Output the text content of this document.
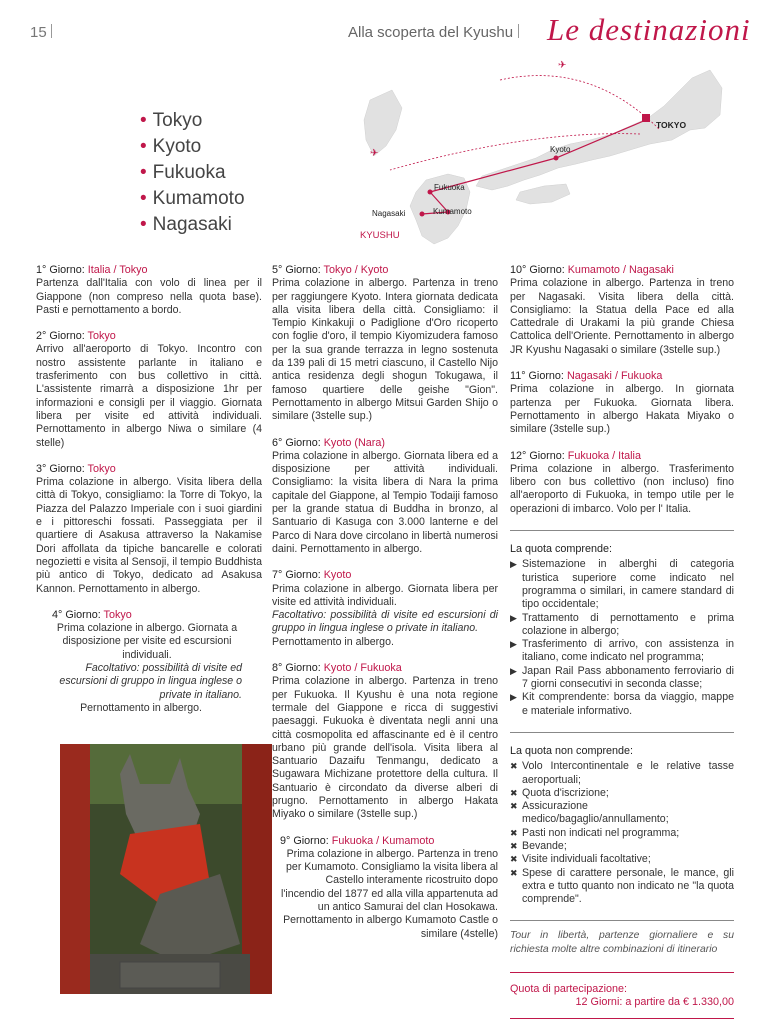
15	Alla scoperta del Kyushu Le destinazioni
• Tokyo
• Kyoto
• Fukuoka
• Kumamoto
• Nagasaki
✈
✈
TOKYO
Kyoto
Fukuoka
Kumamoto
Nagasaki
KYUSHU
1° Giorno: Italia / Tokyo

Partenza dall'Italia con volo di linea per il Giappone (non compreso nella quota base). Pasti e pernottamento a bordo.

2° Giorno: Tokyo

Arrivo all'aeroporto di Tokyo. Incontro con nostro assistente parlante in italiano e trasferimento con bus collettivo in città. L'assistente rimarrà a disposizione 1hr per informazioni e consigli per il viaggio. Giornata libera per visite ed attività individuali. Pernottamento in albergo Niwa o similare (4 stelle)

3° Giorno: Tokyo

Prima colazione in albergo. Visita libera della città di Tokyo, consigliamo: la Torre di Tokyo, la Piazza del Palazzo Imperiale con i suoi giardini e i pittoreschi fossati. Passeggiata per il quartiere di Asakusa attraverso la Nakamise Dori affollata da tipiche bancarelle e colorati negozietti e visita al Sensoji, il tempio Buddhista più antico di Tokyo, dedicato ad Asakusa Kannon. Pernottamento in albergo.

4° Giorno: Tokyo

Prima colazione in albergo. Giornata a disposizione per visite ed escursioni individuali.

Facoltativo: possibilità di visite ed escursioni di gruppo in lingua inglese o private in italiano.

Pernottamento in albergo.

5° Giorno: Tokyo / Kyoto

Prima colazione in albergo. Partenza in treno per raggiungere Kyoto. Intera giornata dedicata alla visita libera della città. Consigliamo: il Tempio Kinkakuji o Padiglione d'Oro ricoperto con foglie d'oro, il tempio Kiyomizudera famoso per la sua grande terrazza in legno sostenuta da 139 pali di 15 metri ciascuno, il Castello Nijo antica residenza degli shogun Tokugawa, il famoso quartiere delle geishe "Gion". Pernottamento in albergo Mitsui Garden Shijo o similare (3stelle sup.)

6° Giorno: Kyoto (Nara)

Prima colazione in albergo. Giornata libera ed a disposizione per attività individuali. Consigliamo: la visita libera di Nara la prima capitale del Giappone, al Tempio Todaiji famoso per la grande statua di Buddha in bronzo, al Santuario di Kasuga con 3.000 lanterne e del Parco di Nara dove circolano in libertà numerosi daini. Pernottamento in albergo.

7° Giorno: Kyoto

Prima colazione in albergo. Giornata libera per visite ed attività individuali.

Facoltativo: possibilità di visite ed escursioni di gruppo in lingua inglese o private in italiano.

Pernottamento in albergo.

8° Giorno: Kyoto / Fukuoka

Prima colazione in albergo. Partenza in treno per Fukuoka. Il Kyushu è una nota regione termale del Giappone e ricca di suggestivi paesaggi. Fukuoka è diventata negli anni una città cosmopolita ed affascinante ed è il centro urbano più grande dell'isola. Visita libera al Santuario Dazaifu Tenmangu, dedicato a Sugawara Michizane protettore della cultura. Il Santuario è circondato da diverse alberi di prugno. Pernottamento in albergo Hakata Miyako o similare (3stelle sup.)

9° Giorno: Fukuoka / Kumamoto

Prima colazione in albergo. Partenza in treno per Kumamoto. Consigliamo la visita libera al Castello interamente ricostruito dopo l'incendio del 1877 ed alla villa appartenuta ad un antico Samurai del clan Hosokawa. Pernottamento in albergo Kumamoto Castle o similare (4stelle)

10° Giorno: Kumamoto / Nagasaki

Prima colazione in albergo. Partenza in treno per Nagasaki. Visita libera della città. Consigliamo: la Statua della Pace ed alla Cattedrale di Urakami la più grande Chiesa Cattolica dell'Oriente. Pernottamento in albergo JR Kyushu Nagasaki o similare (3stelle sup.)

11° Giorno: Nagasaki / Fukuoka

Prima colazione in albergo. In giornata partenza per Fukuoka. Giornata libera. Pernottamento in albergo Hakata Miyako o similare (3stelle sup.)

12° Giorno: Fukuoka / Italia

Prima colazione in albergo. Trasferimento libero con bus collettivo (non incluso) fino all'aeroporto di Fukuoka, in tempo utile per le operazioni di imbarco. Volo per l' Italia.

La quota comprende:
▶ Sistemazione in alberghi di categoria turistica superiore come indicato nel programma o similari, in camere standard di tipo occidentale;
▶ Trattamento di pernottamento e prima colazione in albergo;
▶ Trasferimento di arrivo, con assistenza in italiano, come indicato nel programma;
▶ Japan Rail Pass abbonamento ferroviario di 7 giorni consecutivi in seconda classe;
▶ Kit comprendente: borsa da viaggio, mappe e materiale informativo.
La quota non comprende:
✖ Volo Intercontinentale e le relative tasse aeroportuali;
✖ Quota d'iscrizione;
✖ Assicurazione medico/bagaglio/annullamento;
✖ Pasti non indicati nel programma;
✖ Bevande;
✖ Visite individuali facoltative;
✖ Spese di carattere personale, le mance, gli extra e tutto quanto non indicato ne "la quota comprende".
Tour in libertà, partenze giornaliere e su richiesta molte altre combinazioni di itinerario
Quota di partecipazione:
12 Giorni: a partire da € 1.330,00
